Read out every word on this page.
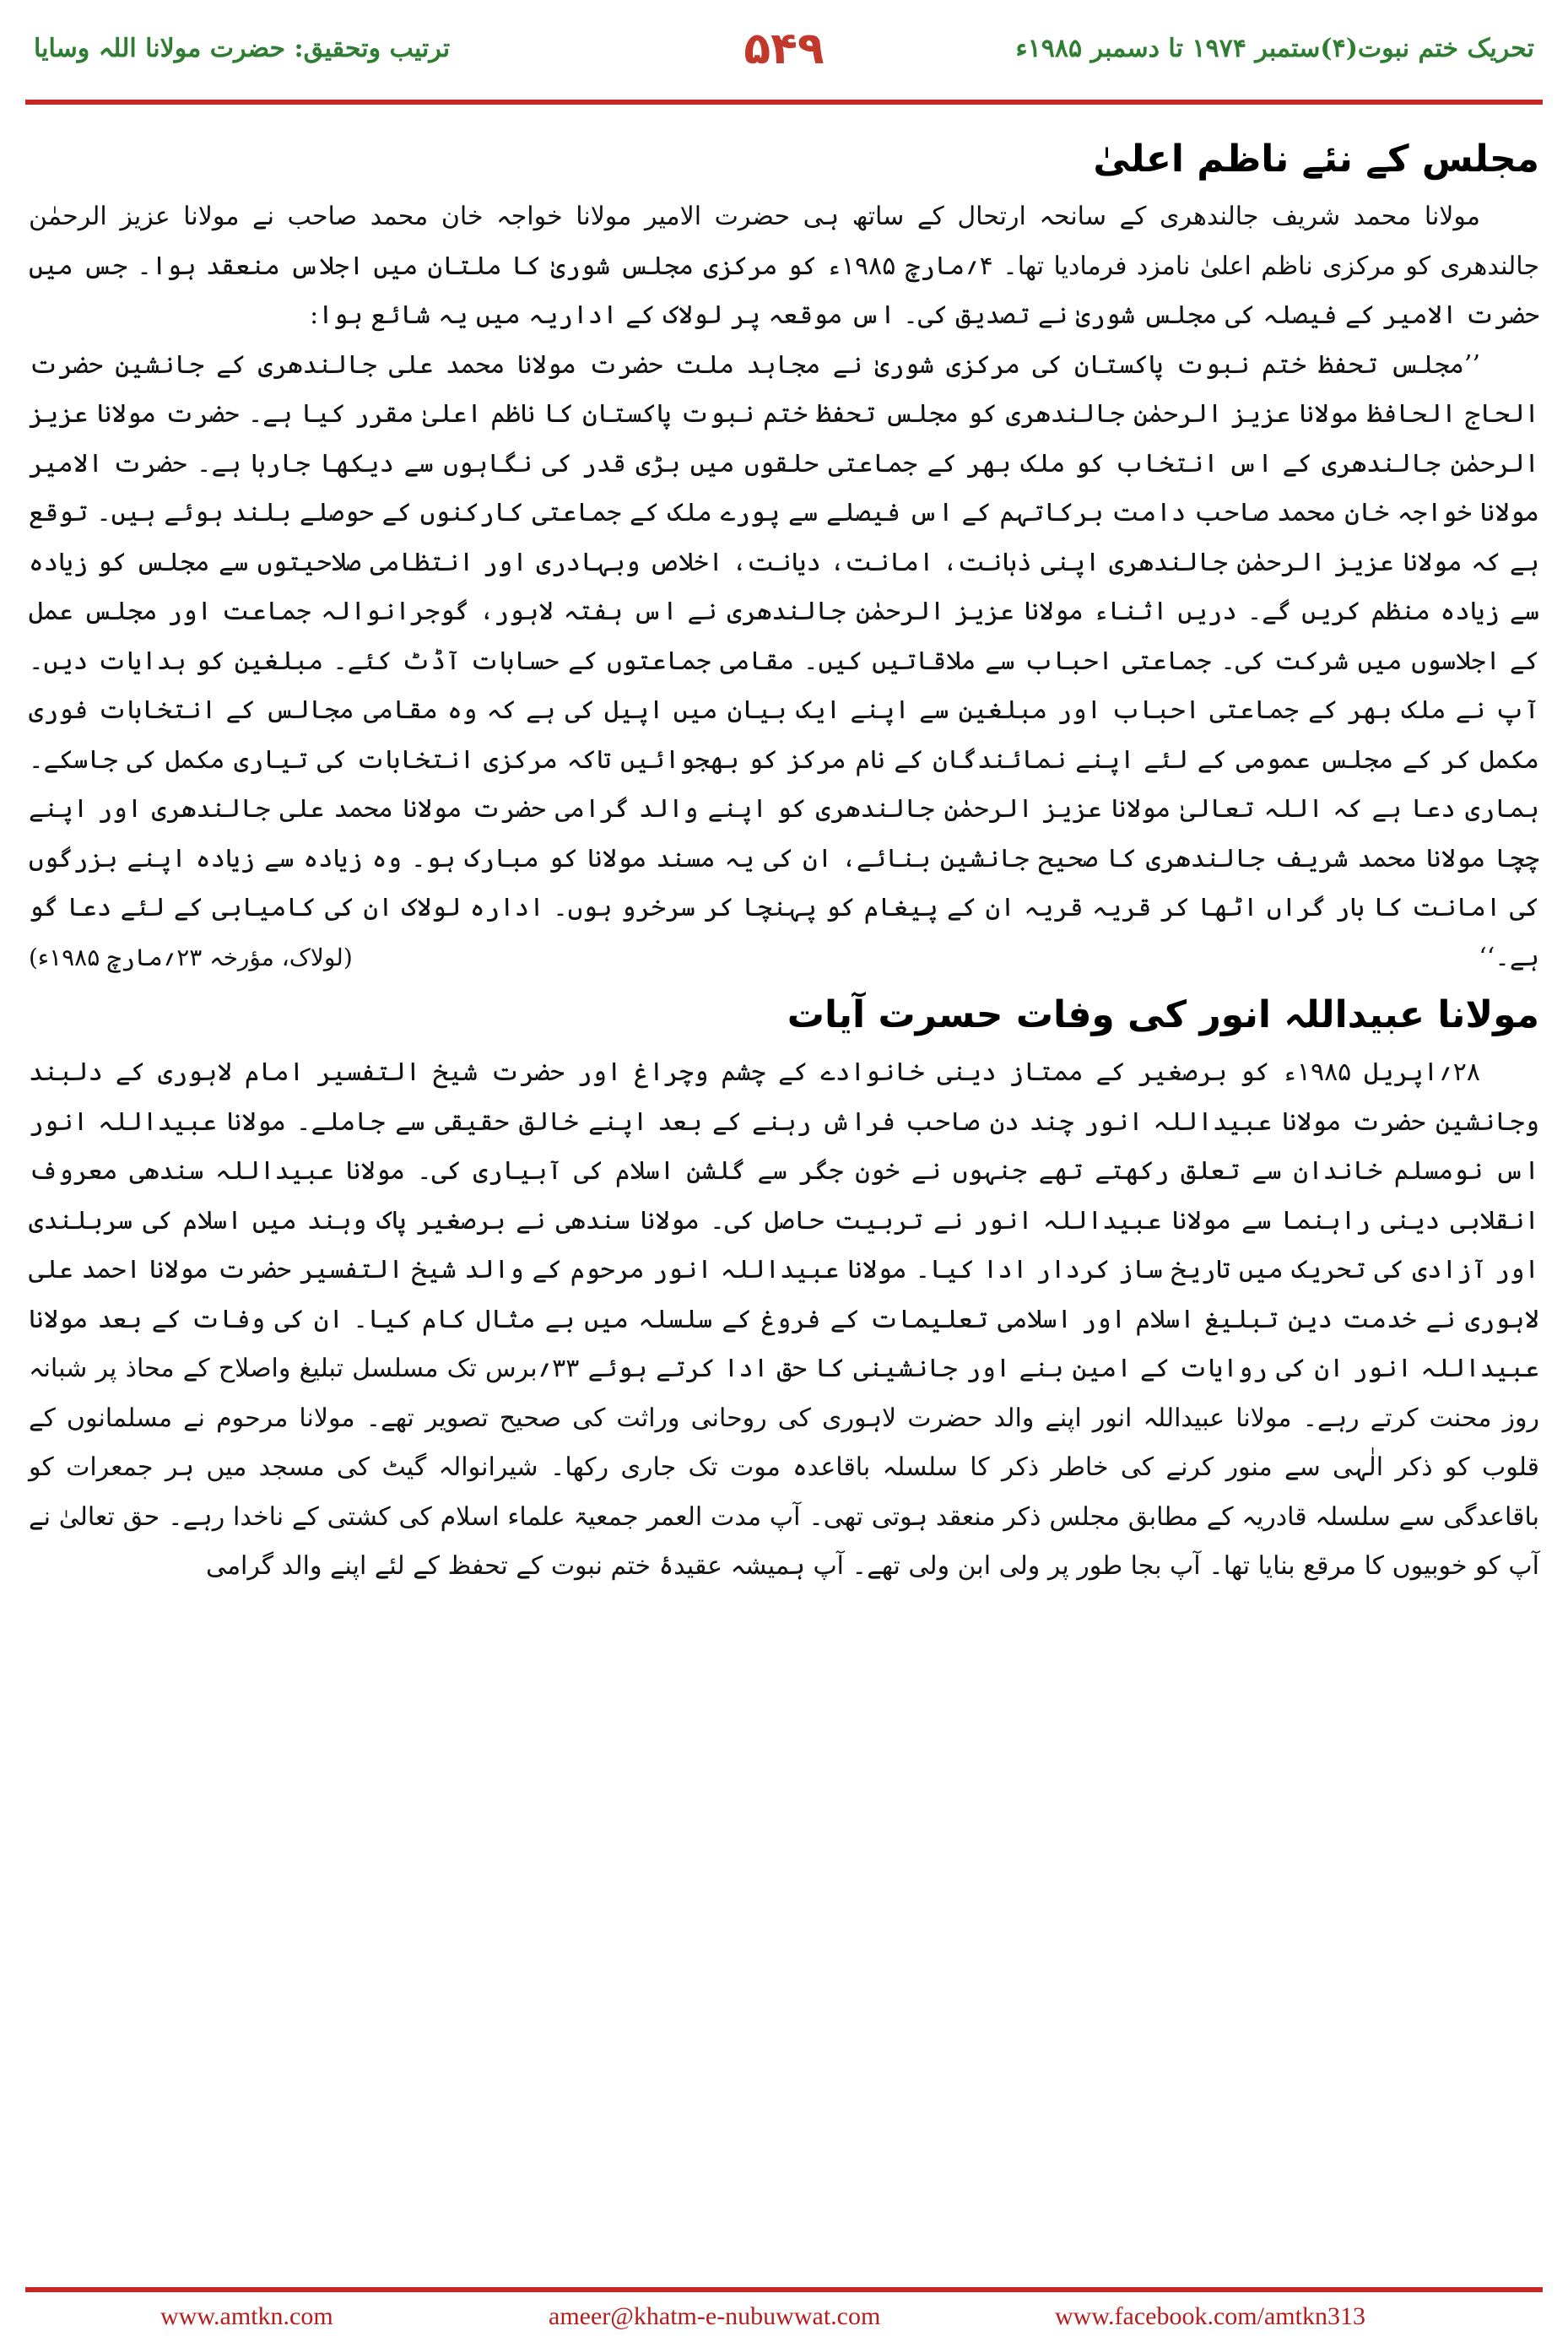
تحریک ختم نبوت(۴)ستمبر ۱۹۷۴ تا دسمبر ۱۹۸۵ء
۵۴۹
ترتیب وتحقیق: حضرت مولانا اللہ وسایا
مجلس کے نئے ناظم اعلیٰ

مولانا محمد شریف جالندھری کے سانحہ ارتحال کے ساتھ ہی حضرت الامیر مولانا خواجہ خان محمد صاحب نے مولانا عزیز الرحمٰن جالندھری کو مرکزی ناظم اعلیٰ نامزد فرمادیا تھا۔ ۴؍مارچ ۱۹۸۵ء کو مرکزی مجلس شوریٰ کا ملتان میں اجلاس منعقد ہوا۔ جس میں حضرت الامیر کے فیصلہ کی مجلس شوریٰ نے تصدیق کی۔ اس موقعہ پر لولاک کے اداریہ میں یہ شائع ہوا:

’’مجلس تحفظ ختم نبوت پاکستان کی مرکزی شوریٰ نے مجاہد ملت حضرت مولانا محمد علی جالندھری کے جانشین حضرت الحاج الحافظ مولانا عزیز الرحمٰن جالندھری کو مجلس تحفظ ختم نبوت پاکستان کا ناظم اعلیٰ مقرر کیا ہے۔ حضرت مولانا عزیز الرحمٰن جالندھری کے اس انتخاب کو ملک بھر کے جماعتی حلقوں میں بڑی قدر کی نگاہوں سے دیکھا جارہا ہے۔ حضرت الامیر مولانا خواجہ خان محمد صاحب دامت برکاتہم کے اس فیصلے سے پورے ملک کے جماعتی کارکنوں کے حوصلے بلند ہوئے ہیں۔ توقع ہے کہ مولانا عزیز الرحمٰن جالندھری اپنی ذہانت، امانت، دیانت، اخلاص وبہادری اور انتظامی صلاحیتوں سے مجلس کو زیادہ سے زیادہ منظم کریں گے۔ دریں اثناء مولانا عزیز الرحمٰن جالندھری نے اس ہفتہ لاہور، گوجرانوالہ جماعت اور مجلس عمل کے اجلاسوں میں شرکت کی۔ جماعتی احباب سے ملاقاتیں کیں۔ مقامی جماعتوں کے حسابات آڈٹ کئے۔ مبلغین کو ہدایات دیں۔ آپ نے ملک بھر کے جماعتی احباب اور مبلغین سے اپنے ایک بیان میں اپیل کی ہے کہ وہ مقامی مجالس کے انتخابات فوری مکمل کر کے مجلس عمومی کے لئے اپنے نمائندگان کے نام مرکز کو بھجوائیں تاکہ مرکزی انتخابات کی تیاری مکمل کی جاسکے۔ ہماری دعا ہے کہ اللہ تعالیٰ مولانا عزیز الرحمٰن جالندھری کو اپنے والد گرامی حضرت مولانا محمد علی جالندھری اور اپنے چچا مولانا محمد شریف جالندھری کا صحیح جانشین بنائے، ان کی یہ مسند مولانا کو مبارک ہو۔ وہ زیادہ سے زیادہ اپنے بزرگوں کی امانت کا بار گراں اٹھا کر قریہ قریہ ان کے پیغام کو پہنچا کر سرخرو ہوں۔ ادارہ لولاک ان کی کامیابی کے لئے دعا گو ہے۔‘‘
(لولاک، مؤرخہ ۲۳؍مارچ ۱۹۸۵ء)

مولانا عبیداللہ انور کی وفات حسرت آیات

۲۸؍اپریل ۱۹۸۵ء کو برصغیر کے ممتاز دینی خانوادے کے چشم وچراغ اور حضرت شیخ التفسیر امام لاہوری کے دلبند وجانشین حضرت مولانا عبیداللہ انور چند دن صاحب فراش رہنے کے بعد اپنے خالق حقیقی سے جاملے۔ مولانا عبیداللہ انور اس نومسلم خاندان سے تعلق رکھتے تھے جنہوں نے خون جگر سے گلشن اسلام کی آبیاری کی۔ مولانا عبیداللہ سندھی معروف انقلابی دینی راہنما سے مولانا عبیداللہ انور نے تربیت حاصل کی۔ مولانا سندھی نے برصغیر پاک وہند میں اسلام کی سربلندی اور آزادی کی تحریک میں تاریخ ساز کردار ادا کیا۔ مولانا عبیداللہ انور مرحوم کے والد شیخ التفسیر حضرت مولانا احمد علی لاہوری نے خدمت دین تبلیغ اسلام اور اسلامی تعلیمات کے فروغ کے سلسلہ میں بے مثال کام کیا۔ ان کی وفات کے بعد مولانا عبیداللہ انور ان کی روایات کے امین بنے اور جانشینی کا حق ادا کرتے ہوئے ۳۳؍برس تک مسلسل تبلیغ واصلاح کے محاذ پر شبانہ روز محنت کرتے رہے۔ مولانا عبیداللہ انور اپنے والد حضرت لاہوری کی روحانی وراثت کی صحیح تصویر تھے۔ مولانا مرحوم نے مسلمانوں کے قلوب کو ذکر الٰہی سے منور کرنے کی خاطر ذکر کا سلسلہ باقاعدہ موت تک جاری رکھا۔ شیرانوالہ گیٹ کی مسجد میں ہر جمعرات کو باقاعدگی سے سلسلہ قادریہ کے مطابق مجلس ذکر منعقد ہوتی تھی۔ آپ مدت العمر جمعیۃ علماء اسلام کی کشتی کے ناخدا رہے۔ حق تعالیٰ نے آپ کو خوبیوں کا مرقع بنایا تھا۔ آپ بجا طور پر ولی ابن ولی تھے۔ آپ ہمیشہ عقیدۂ ختم نبوت کے تحفظ کے لئے اپنے والد گرامی

www.amtkn.com	ameer@khatm-e-nubuwwat.com	www.facebook.com/amtkn313
